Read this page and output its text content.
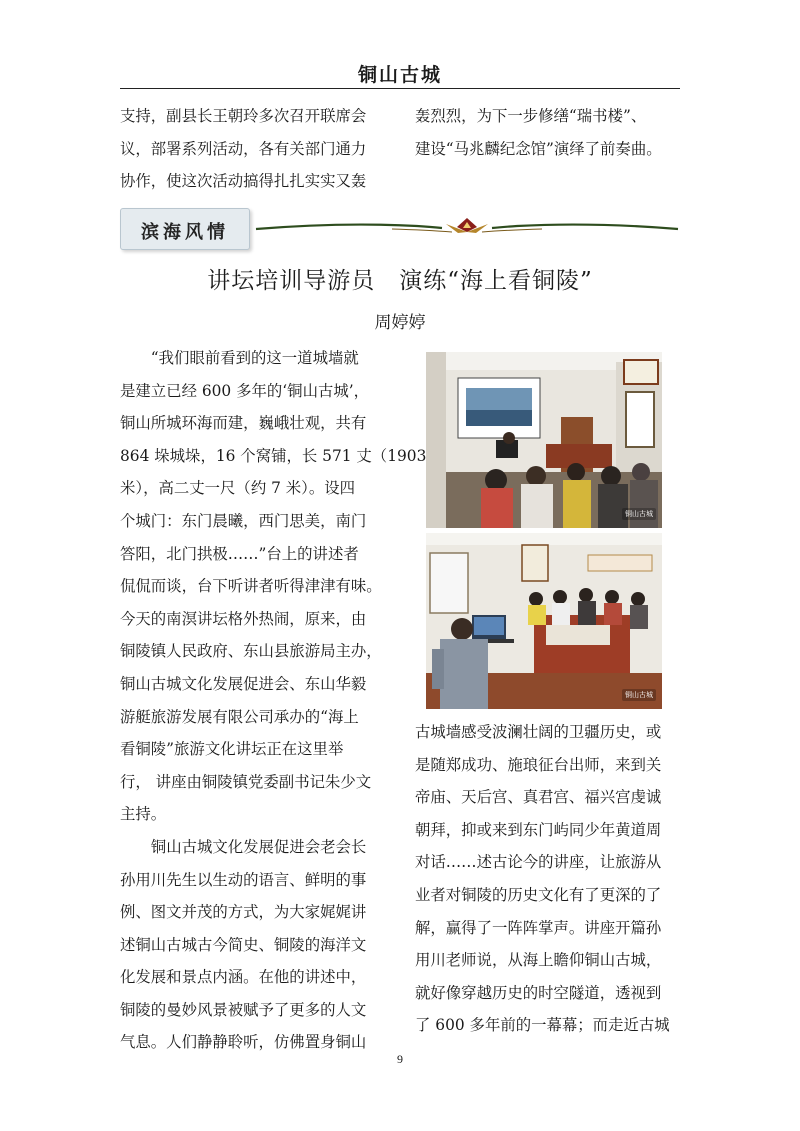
铜山古城

支持，副县长王朝玲多次召开联席会

议，部署系列活动，各有关部门通力

协作，使这次活动搞得扎扎实实又轰

轰烈烈，为下一步修缮“瑞书楼”、

建设“马兆麟纪念馆”演绎了前奏曲。

滨海风情
讲坛培训导游员　演练“海上看铜陵”
周婷婷

“我们眼前看到的这一道城墙就

是建立已经 600 多年的‘铜山古城’，

铜山所城环海而建，巍峨壮观，共有

864 垛城垛，16 个窝铺，长 571 丈（1903

米），高二丈一尺（约 7 米）。设四

个城门：东门晨曦，西门思美，南门

答阳，北门拱极……”台上的讲述者

侃侃而谈，台下听讲者听得津津有味。

今天的南溟讲坛格外热闹，原来，由

铜陵镇人民政府、东山县旅游局主办，

铜山古城文化发展促进会、东山华毅

游艇旅游发展有限公司承办的“海上

看铜陵”旅游文化讲坛正在这里举

行， 讲座由铜陵镇党委副书记朱少文

主持。

铜山古城文化发展促进会老会长

孙用川先生以生动的语言、鲜明的事

例、图文并茂的方式，为大家娓娓讲

述铜山古城古今简史、铜陵的海洋文

化发展和景点内涵。在他的讲述中，

铜陵的曼妙风景被赋予了更多的人文

气息。人们静静聆听，仿佛置身铜山

铜山古城
铜山古城

古城墙感受波澜壮阔的卫疆历史，或

是随郑成功、施琅征台出师，来到关

帝庙、天后宫、真君宫、福兴宫虔诚

朝拜，抑或来到东门屿同少年黄道周

对话……述古论今的讲座，让旅游从

业者对铜陵的历史文化有了更深的了

解，赢得了一阵阵掌声。讲座开篇孙

用川老师说，从海上瞻仰铜山古城，

就好像穿越历史的时空隧道，透视到

了 600 多年前的一幕幕；而走近古城

9
